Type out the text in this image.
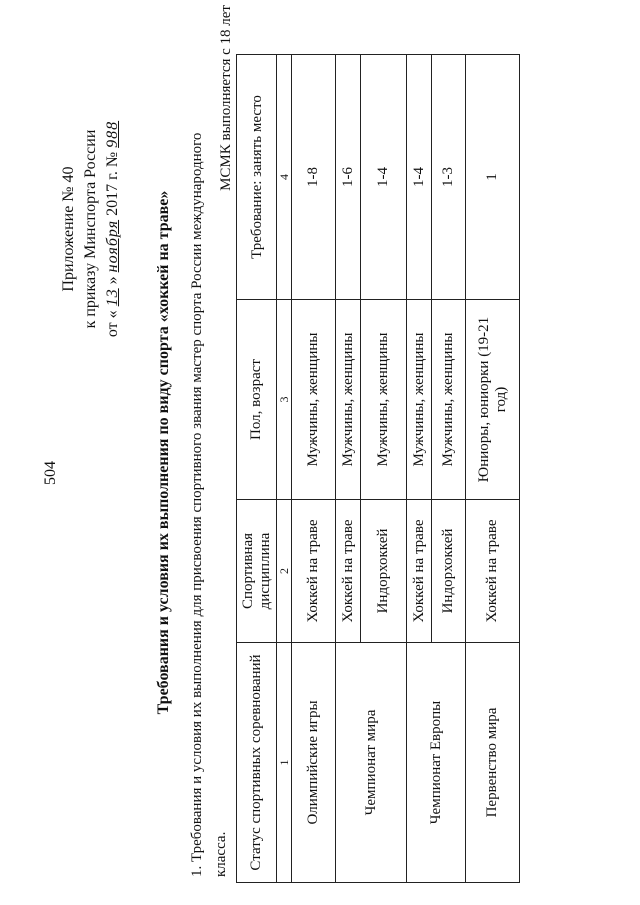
504
Приложение № 40 к приказу Минспорта России от « 13 » ноября 2017 г. № 988
Требования и условия их выполнения по виду спорта «хоккей на траве» 1. Требования и условия их выполнения для присвоения спортивного звания мастер спорта России международного класса.
МСМК выполняется с 18 лет
Статус спортивных соревнований	Спортивная дисциплина	Пол, возраст	Требование: занять место
1	2	3	4
Олимпийские игры	Хоккей на траве	Мужчины, женщины	1-8
Чемпионат мира	Хоккей на траве	Мужчины, женщины	1-6
	Индорхоккей	Мужчины, женщины	1-4
Чемпионат Европы	Хоккей на траве	Мужчины, женщины	1-4
	Индорхоккей	Мужчины, женщины	1-3
Первенство мира	Хоккей на траве	Юниоры, юниорки (19-21 год)	1
